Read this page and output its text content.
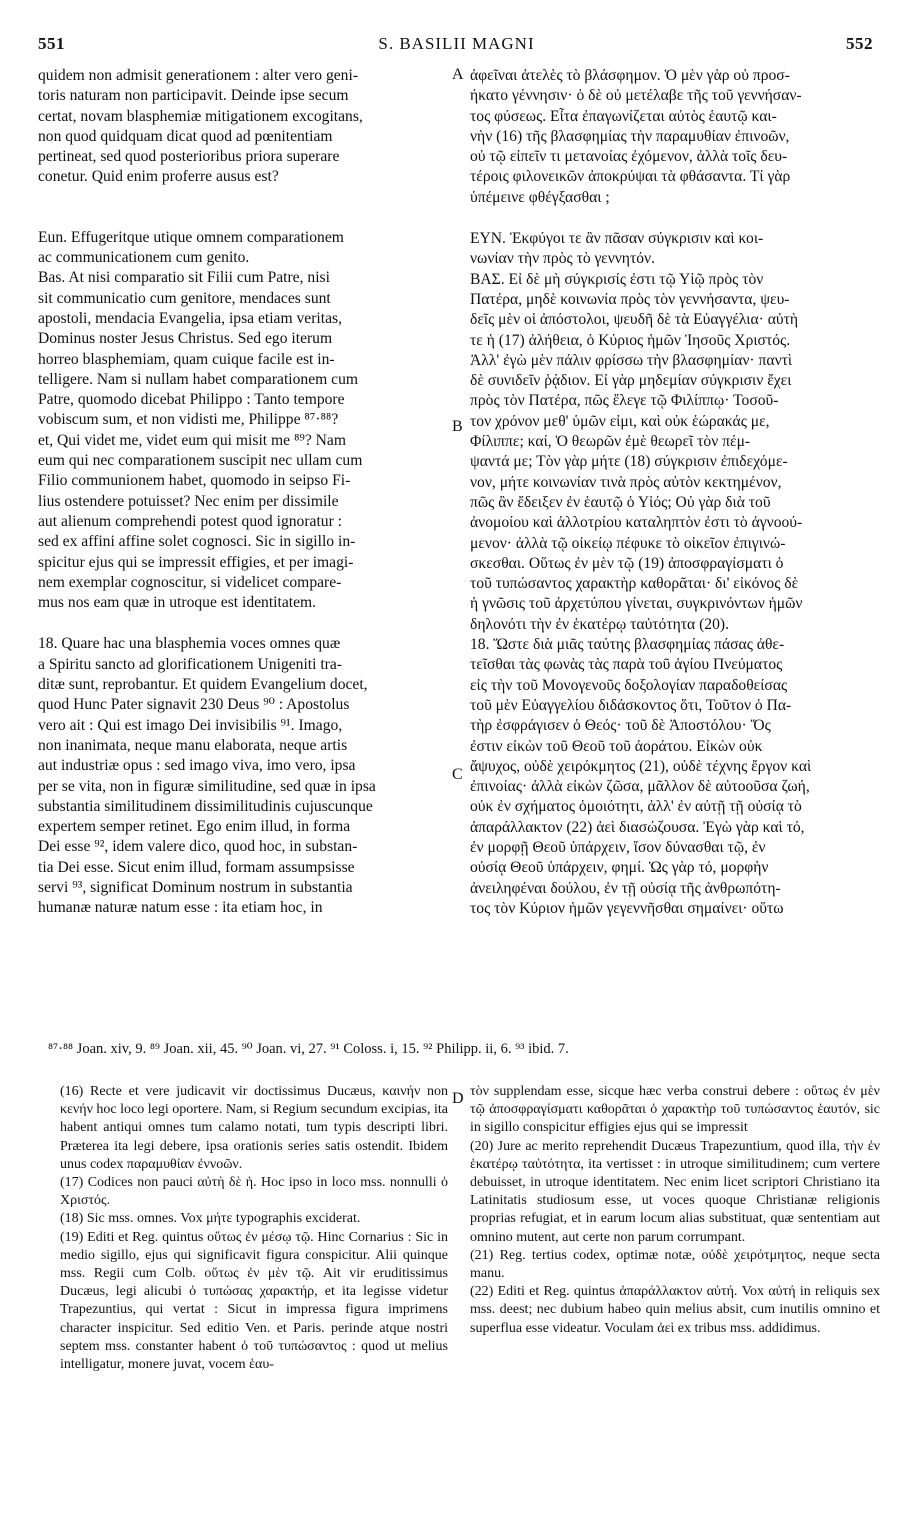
551	S. BASILII MAGNI	552
A
B
C
D

quidem non admisit generationem : alter vero geni-

toris naturam non participavit. Deinde ipse secum

certat, novam blasphemiæ mitigationem excogitans,

non quod quidquam dicat quod ad pœnitentiam

pertineat, sed quod posterioribus priora superare

conetur. Quid enim proferre ausus est?

Eun. Effugeritque utique omnem comparationem

ac communicationem cum genito.

Bas. At nisi comparatio sit Filii cum Patre, nisi

sit communicatio cum genitore, mendaces sunt

apostoli, mendacia Evangelia, ipsa etiam veritas,

Dominus noster Jesus Christus. Sed ego iterum

horreo blasphemiam, quam cuique facile est in-

telligere. Nam si nullam habet comparationem cum

Patre, quomodo dicebat Philippo : Tanto tempore

vobiscum sum, et non vidisti me, Philippe ⁸⁷·⁸⁸?

et, Qui videt me, videt eum qui misit me ⁸⁹? Nam

eum qui nec comparationem suscipit nec ullam cum

Filio communionem habet, quomodo in seipso Fi-

lius ostendere potuisset? Nec enim per dissimile

aut alienum comprehendi potest quod ignoratur :

sed ex affini affine solet cognosci. Sic in sigillo in-

spicitur ejus qui se impressit effigies, et per imagi-

nem exemplar cognoscitur, si videlicet compare-

mus nos eam quæ in utroque est identitatem.

18. Quare hac una blasphemia voces omnes quæ

a Spiritu sancto ad glorificationem Unigeniti tra-

ditæ sunt, reprobantur. Et quidem Evangelium docet,

quod Hunc Pater signavit 230 Deus ⁹⁰ : Apostolus

vero ait : Qui est imago Dei invisibilis ⁹¹. Imago,

non inanimata, neque manu elaborata, neque artis

aut industriæ opus : sed imago viva, imo vero, ipsa

per se vita, non in figuræ similitudine, sed quæ in ipsa

substantia similitudinem dissimilitudinis cujuscunque

expertem semper retinet. Ego enim illud, in forma

Dei esse ⁹², idem valere dico, quod hoc, in substan-

tia Dei esse. Sicut enim illud, formam assumpsisse

servi ⁹³, significat Dominum nostrum in substantia

humanæ naturæ natum esse : ita etiam hoc, in

ἀφεῖναι ἀτελὲς τὸ βλάσφημον. Ὁ μὲν γὰρ οὐ προσ-

ήκατο γέννησιν· ὁ δὲ οὐ μετέλαβε τῆς τοῦ γεννήσαν-

τος φύσεως. Εἶτα ἐπαγωνίζεται αὐτὸς ἑαυτῷ και-

νὴν (16) τῆς βλασφημίας τὴν παραμυθίαν ἐπινοῶν,

οὐ τῷ εἰπεῖν τι μετανοίας ἐχόμενον, ἀλλὰ τοῖς δευ-

τέροις φιλονεικῶν ἀποκρύψαι τὰ φθάσαντα. Τί γὰρ

ὑπέμεινε φθέγξασθαι ;

ΕΥΝ. Ἐκφύγοι τε ἂν πᾶσαν σύγκρισιν καὶ κοι-

νωνίαν τὴν πρὸς τὸ γεννητόν.

ΒΑΣ. Εἰ δὲ μὴ σύγκρισίς ἐστι τῷ Υἱῷ πρὸς τὸν

Πατέρα, μηδὲ κοινωνία πρὸς τὸν γεννήσαντα, ψευ-

δεῖς μὲν οἱ ἀπόστολοι, ψευδῆ δὲ τὰ Εὐαγγέλια· αὐτὴ

τε ἡ (17) ἀλήθεια, ὁ Κύριος ἡμῶν Ἰησοῦς Χριστός.

Ἀλλ' ἐγὼ μὲν πάλιν φρίσσω τὴν βλασφημίαν· παντὶ

δὲ συνιδεῖν ῥᾴδιον. Εἰ γὰρ μηδεμίαν σύγκρισιν ἔχει

πρὸς τὸν Πατέρα, πῶς ἔλεγε τῷ Φιλίππῳ· Τοσοῦ-

τον χρόνον μεθ' ὑμῶν εἰμι, καὶ οὐκ ἑώρακάς με,

Φίλιππε; καί, Ὁ θεωρῶν ἐμὲ θεωρεῖ τὸν πέμ-

ψαντά με; Τὸν γὰρ μήτε (18) σύγκρισιν ἐπιδεχόμε-

νον, μήτε κοινωνίαν τινὰ πρὸς αὐτὸν κεκτημένον,

πῶς ἂν ἔδειξεν ἐν ἑαυτῷ ὁ Υἱός; Οὐ γὰρ διὰ τοῦ

ἀνομοίου καὶ ἀλλοτρίου καταληπτὸν ἐστι τὸ ἀγνοού-

μενον· ἀλλὰ τῷ οἰκείῳ πέφυκε τὸ οἰκεῖον ἐπιγινώ-

σκεσθαι. Οὕτως ἐν μὲν τῷ (19) ἀποσφραγίσματι ὁ

τοῦ τυπώσαντος χαρακτὴρ καθορᾶται· δι' εἰκόνος δὲ

ἡ γνῶσις τοῦ ἀρχετύπου γίνεται, συγκρινόντων ἡμῶν

δηλονότι τὴν ἐν ἑκατέρῳ ταὐτότητα (20).

18. Ὥστε διὰ μιᾶς ταύτης βλασφημίας πάσας ἀθε-

τεῖσθαι τὰς φωνὰς τὰς παρὰ τοῦ ἁγίου Πνεύματος

εἰς τὴν τοῦ Μονογενοῦς δοξολογίαν παραδοθείσας

τοῦ μὲν Εὐαγγελίου διδάσκοντος ὅτι, Τοῦτον ὁ Πα-

τὴρ ἐσφράγισεν ὁ Θεός· τοῦ δὲ Ἀποστόλου· Ὅς

ἐστιν εἰκὼν τοῦ Θεοῦ τοῦ ἀοράτου. Εἰκὼν οὐκ

ἄψυχος, οὐδὲ χειρόκμητος (21), οὐδὲ τέχνης ἔργον καὶ

ἐπινοίας· ἀλλὰ εἰκὼν ζῶσα, μᾶλλον δὲ αὐτοοῦσα ζωή,

οὐκ ἐν σχήματος ὁμοιότητι, ἀλλ' ἐν αὐτῇ τῇ οὐσίᾳ τὸ

ἀπαράλλακτον (22) ἀεὶ διασώζουσα. Ἐγὼ γὰρ καὶ τό,

ἐν μορφῇ Θεοῦ ὑπάρχειν, ἴσον δύνασθαι τῷ, ἐν

οὐσίᾳ Θεοῦ ὑπάρχειν, φημί. Ὡς γὰρ τό, μορφὴν

ἀνειληφέναι δούλου, ἐν τῇ οὐσίᾳ τῆς ἀνθρωπότη-

τος τὸν Κύριον ἡμῶν γεγεννῆσθαι σημαίνει· οὕτω

⁸⁷·⁸⁸ Joan. xiv, 9. ⁸⁹ Joan. xii, 45. ⁹⁰ Joan. vi, 27. ⁹¹ Coloss. i, 15. ⁹² Philipp. ii, 6. ⁹³ ibid. 7.

(16) Recte et vere judicavit vir doctissimus Ducæus, καινήν non κενήν hoc loco legi oportere. Nam, si Regium secundum excipias, ita habent antiqui omnes tum calamo notati, tum typis descripti libri. Præterea ita legi debere, ipsa orationis series satis ostendit. Ibidem unus codex παραμυθίαν ἐννοῶν.

(17) Codices non pauci αὐτὴ δὲ ἡ. Hoc ipso in loco mss. nonnulli ὁ Χριστός.

(18) Sic mss. omnes. Vox μήτε typographis exciderat.

(19) Editi et Reg. quintus οὕτως ἐν μέσῳ τῷ. Hinc Cornarius : Sic in medio sigillo, ejus qui significavit figura conspicitur. Alii quinque mss. Regii cum Colb. οὕτως ἐν μὲν τῷ. Ait vir eruditissimus Ducæus, legi alicubi ὁ τυπώσας χαρακτήρ, et ita legisse videtur Trapezuntius, qui vertat : Sicut in impressa figura imprimens character inspicitur. Sed editio Ven. et Paris. perinde atque nostri septem mss. constanter habent ὁ τοῦ τυπώσαντος : quod ut melius intelligatur, monere juvat, vocem ἑαυ-

τὸν supplendam esse, sicque hæc verba construi debere : οὕτως ἐν μὲν τῷ ἀποσφραγίσματι καθορᾶται ὁ χαρακτὴρ τοῦ τυπώσαντος ἑαυτόν, sic in sigillo conspicitur effigies ejus qui se impressit

(20) Jure ac merito reprehendit Ducæus Trapezuntium, quod illa, τὴν ἐν ἑκατέρῳ ταὐτότητα, ita vertisset : in utroque similitudinem; cum vertere debuisset, in utroque identitatem. Nec enim licet scriptori Christiano ita Latinitatis studiosum esse, ut voces quoque Christianæ religionis proprias refugiat, et in earum locum alias substituat, quæ sententiam aut omnino mutent, aut certe non parum corrumpant.

(21) Reg. tertius codex, optimæ notæ, οὐδὲ χειρότμητος, neque secta manu.

(22) Editi et Reg. quintus ἀπαράλλακτον αὐτή. Vox αὐτή in reliquis sex mss. deest; nec dubium habeo quin melius absit, cum inutilis omnino et superflua esse videatur. Voculam ἀεὶ ex tribus mss. addidimus.
